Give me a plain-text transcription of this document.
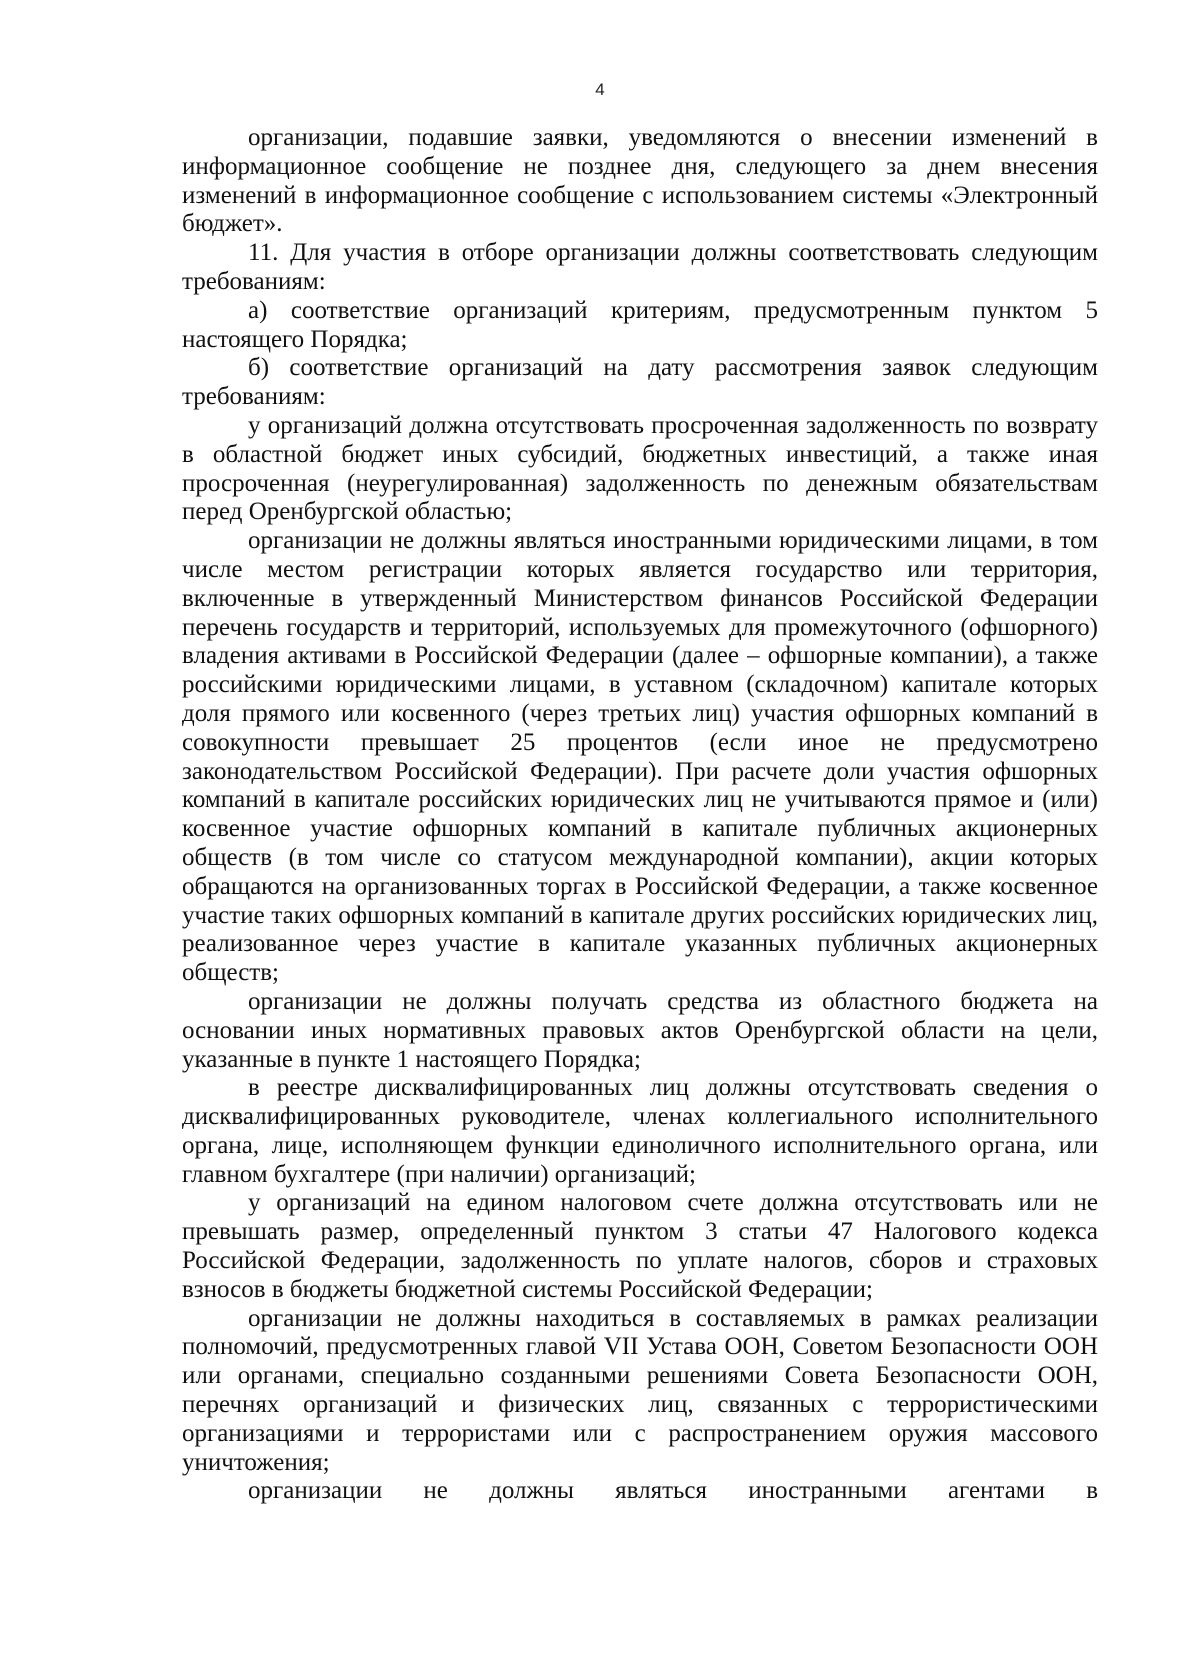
4

организации, подавшие заявки, уведомляются о внесении изменений в информационное сообщение не позднее дня, следующего за днем внесения изменений в информационное сообщение с использованием системы «Электронный бюджет».

11. Для участия в отборе организации должны соответствовать следующим требованиям:

а) соответствие организаций критериям, предусмотренным пунктом 5 настоящего Порядка;

б) соответствие организаций на дату рассмотрения заявок следующим требованиям:

у организаций должна отсутствовать просроченная задолженность по возврату в областной бюджет иных субсидий, бюджетных инвестиций, а также иная просроченная (неурегулированная) задолженность по денежным обязательствам перед Оренбургской областью;

организации не должны являться иностранными юридическими лицами, в том числе местом регистрации которых является государство или территория, включенные в утвержденный Министерством финансов Российской Федерации перечень государств и территорий, используемых для промежуточного (офшорного) владения активами в Российской Федерации (далее – офшорные компании), а также российскими юридическими лицами, в уставном (складочном) капитале которых доля прямого или косвенного (через третьих лиц) участия офшорных компаний в совокупности превышает 25 процентов (если иное не предусмотрено законодательством Российской Федерации). При расчете доли участия офшорных компаний в капитале российских юридических лиц не учитываются прямое и (или) косвенное участие офшорных компаний в капитале публичных акционерных обществ (в том числе со статусом международной компании), акции которых обращаются на организованных торгах в Российской Федерации, а также косвенное участие таких офшорных компаний в капитале других российских юридических лиц, реализованное через участие в капитале указанных публичных акционерных обществ;

организации не должны получать средства из областного бюджета на основании иных нормативных правовых актов Оренбургской области на цели, указанные в пункте 1 настоящего Порядка;

в реестре дисквалифицированных лиц должны отсутствовать сведения о дисквалифицированных руководителе, членах коллегиального исполнительного органа, лице, исполняющем функции единоличного исполнительного органа, или главном бухгалтере (при наличии) организаций;

у организаций на едином налоговом счете должна отсутствовать или не превышать размер, определенный пунктом 3 статьи 47 Налогового кодекса Российской Федерации, задолженность по уплате налогов, сборов и страховых взносов в бюджеты бюджетной системы Российской Федерации;

организации не должны находиться в составляемых в рамках реализации полномочий, предусмотренных главой VII Устава ООН, Советом Безопасности ООН или органами, специально созданными решениями Совета Безопасности ООН, перечнях организаций и физических лиц, связанных с террористическими организациями и террористами или с распространением оружия массового уничтожения;

организации не должны являться иностранными агентами в
